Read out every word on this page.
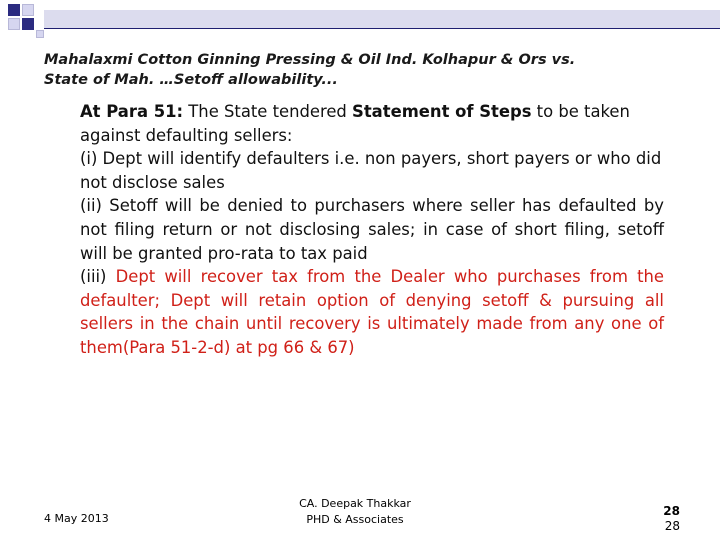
Mahalaxmi Cotton Ginning Pressing & Oil Ind. Kolhapur & Ors vs.
State of Mah. …Setoff allowability...
At Para 51: The State tendered Statement of Steps to be taken against defaulting sellers:
(i) Dept will identify defaulters i.e. non payers, short payers or who did not disclose sales
(ii) Setoff will be denied to purchasers where seller has defaulted by not filing return or not disclosing sales; in case of short filing, setoff will be granted pro-rata to tax paid
(iii) Dept will recover tax from the Dealer who purchases from the defaulter; Dept will retain option of denying setoff & pursuing all sellers in the chain until recovery is ultimately made from any one of them(Para 51-2-d) at pg 66 & 67)
4 May 2013
CA. Deepak Thakkar
PHD & Associates
28
28
